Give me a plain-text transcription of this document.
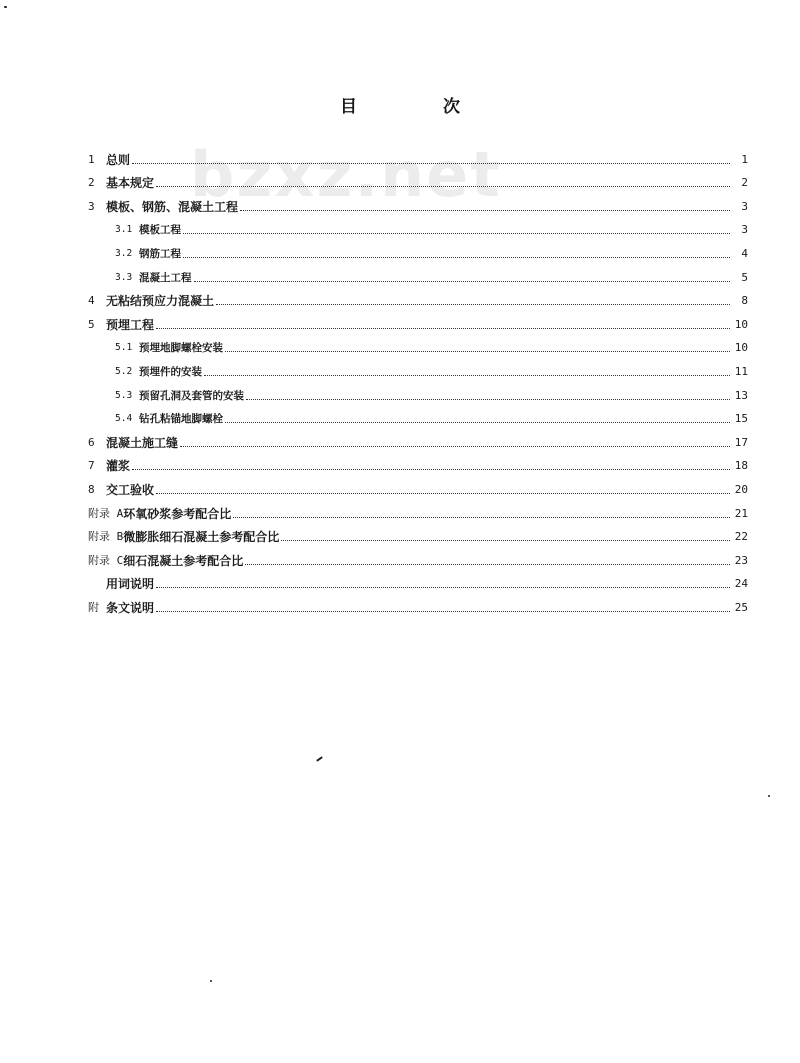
目 次
bzxz.net
1 总则	1
2 基本规定	2
3 模板、钢筋、混凝土工程	3
3.1 模板工程	3
3.2 钢筋工程	4
3.3 混凝土工程	5
4 无粘结预应力混凝土	8
5 预埋工程	10
5.1 预埋地脚螺栓安装	10
5.2 预埋件的安装	11
5.3 预留孔洞及套管的安装	13
5.4 钻孔粘锚地脚螺栓	15
6 混凝土施工缝	17
7 灌浆	18
8 交工验收	20
附录 A 环氧砂浆参考配合比	21
附录 B 微膨胀细石混凝土参考配合比	22
附录 C 细石混凝土参考配合比	23
用词说明	24
附 条文说明	25
